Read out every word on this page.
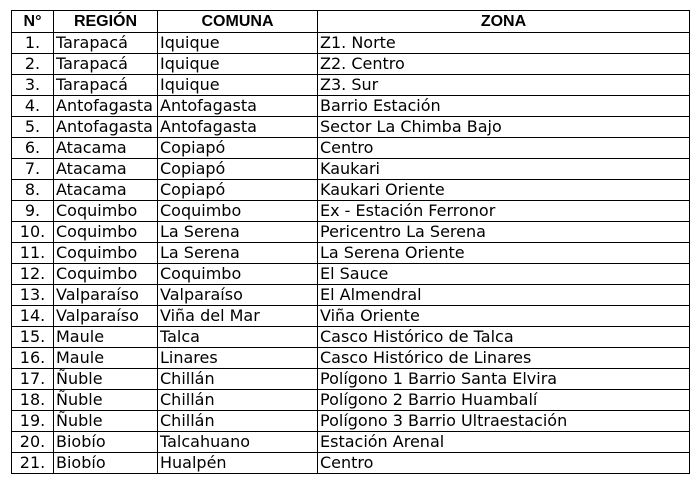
N°	REGIÓN	COMUNA	ZONA
1.	Tarapacá	Iquique	Z1. Norte
2.	Tarapacá	Iquique	Z2. Centro
3.	Tarapacá	Iquique	Z3. Sur
4.	Antofagasta	Antofagasta	Barrio Estación
5.	Antofagasta	Antofagasta	Sector La Chimba Bajo
6.	Atacama	Copiapó	Centro
7.	Atacama	Copiapó	Kaukari
8.	Atacama	Copiapó	Kaukari Oriente
9.	Coquimbo	Coquimbo	Ex - Estación Ferronor
10.	Coquimbo	La Serena	Pericentro La Serena
11.	Coquimbo	La Serena	La Serena Oriente
12.	Coquimbo	Coquimbo	El Sauce
13.	Valparaíso	Valparaíso	El Almendral
14.	Valparaíso	Viña del Mar	Viña Oriente
15.	Maule	Talca	Casco Histórico de Talca
16.	Maule	Linares	Casco Histórico de Linares
17.	Ñuble	Chillán	Polígono 1 Barrio Santa Elvira
18.	Ñuble	Chillán	Polígono 2 Barrio Huambalí
19.	Ñuble	Chillán	Polígono 3 Barrio Ultraestación
20.	Biobío	Talcahuano	Estación Arenal
21.	Biobío	Hualpén	Centro
